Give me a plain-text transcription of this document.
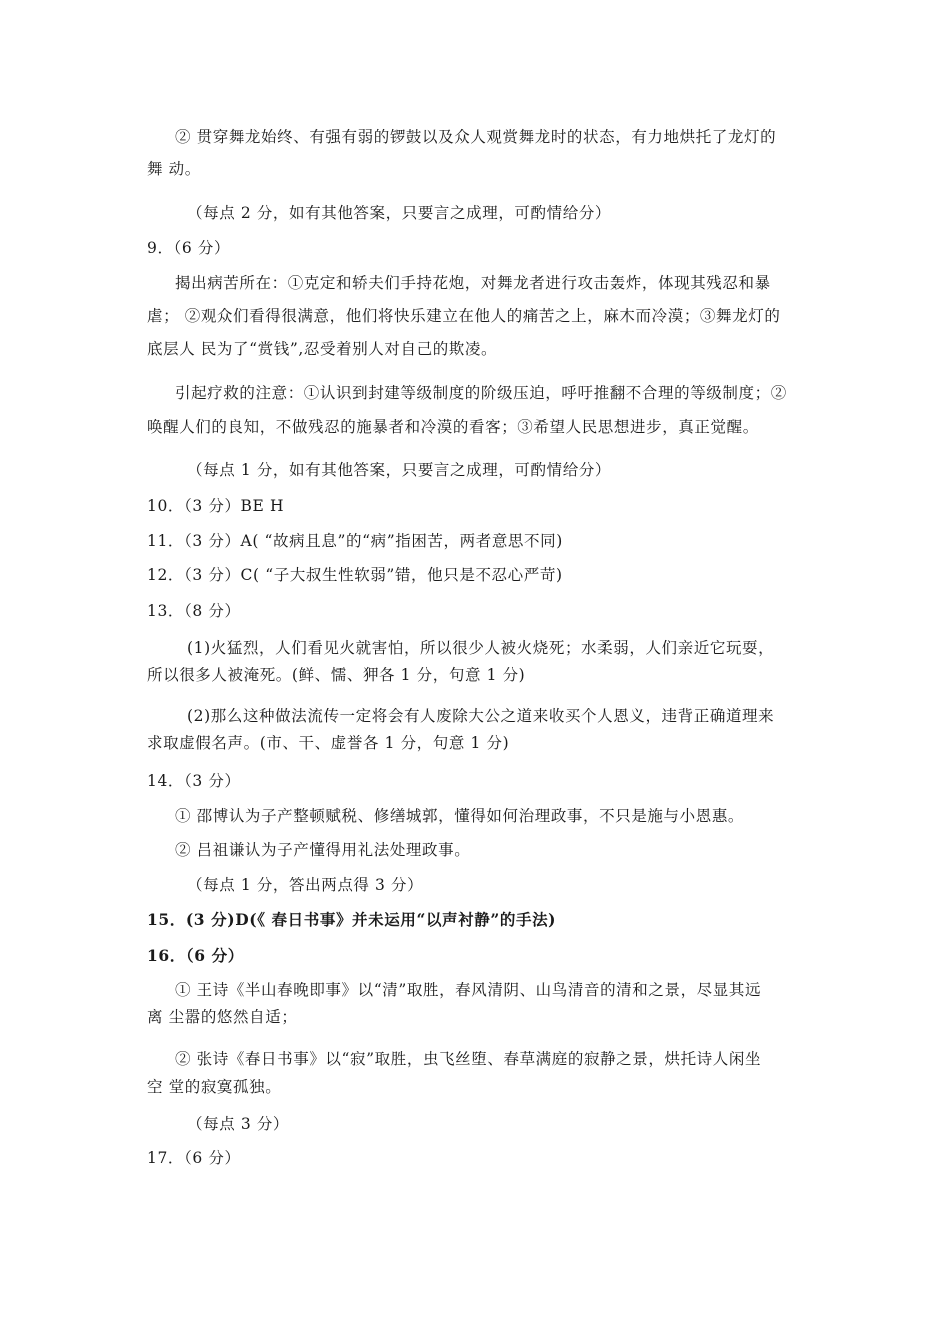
② 贯穿舞龙始终、有强有弱的锣鼓以及众人观赏舞龙时的状态，有力地烘托了龙灯的
舞 动。
（每点 2 分，如有其他答案，只要言之成理，可酌情给分）
9．（6 分）
揭出病苦所在：①克定和轿夫们手持花炮，对舞龙者进行攻击轰炸，体现其残忍和暴
虐； ②观众们看得很满意，他们将快乐建立在他人的痛苦之上，麻木而冷漠；③舞龙灯的
底层人 民为了“赏钱”,忍受着别人对自己的欺凌。
引起疗救的注意：①认识到封建等级制度的阶级压迫，呼吁推翻不合理的等级制度；②
唤醒人们的良知，不做残忍的施暴者和冷漠的看客；③希望人民思想进步，真正觉醒。
（每点 1 分，如有其他答案，只要言之成理，可酌情给分）
10．（3 分）BE H
11．（3 分）A( “故病且息”的“病”指困苦，两者意思不同)
12．（3 分）C( “子大叔生性软弱”错，他只是不忍心严苛)
13．（8 分）
(1)火猛烈，人们看见火就害怕，所以很少人被火烧死；水柔弱，人们亲近它玩耍，
所以很多人被淹死。(鲜、懦、狎各 1 分，句意 1 分)
(2)那么这种做法流传一定将会有人废除大公之道来收买个人恩义，违背正确道理来
求取虚假名声。(市、干、虚誉各 1 分，句意 1 分)
14．（3 分）
① 邵博认为子产整顿赋税、修缮城郭，懂得如何治理政事，不只是施与小恩惠。
② 吕祖谦认为子产懂得用礼法处理政事。
（每点 1 分，答出两点得 3 分）
15．(3 分)D(《 春日书事》并未运用“以声衬静”的手法)
16．（6 分）
① 王诗《半山春晚即事》以“清”取胜，春风清阴、山鸟清音的清和之景，尽显其远
离 尘嚣的悠然自适；
② 张诗《春日书事》以“寂”取胜，虫飞丝堕、春草满庭的寂静之景，烘托诗人闲坐
空 堂的寂寞孤独。
（每点 3 分）
17．（6 分）
